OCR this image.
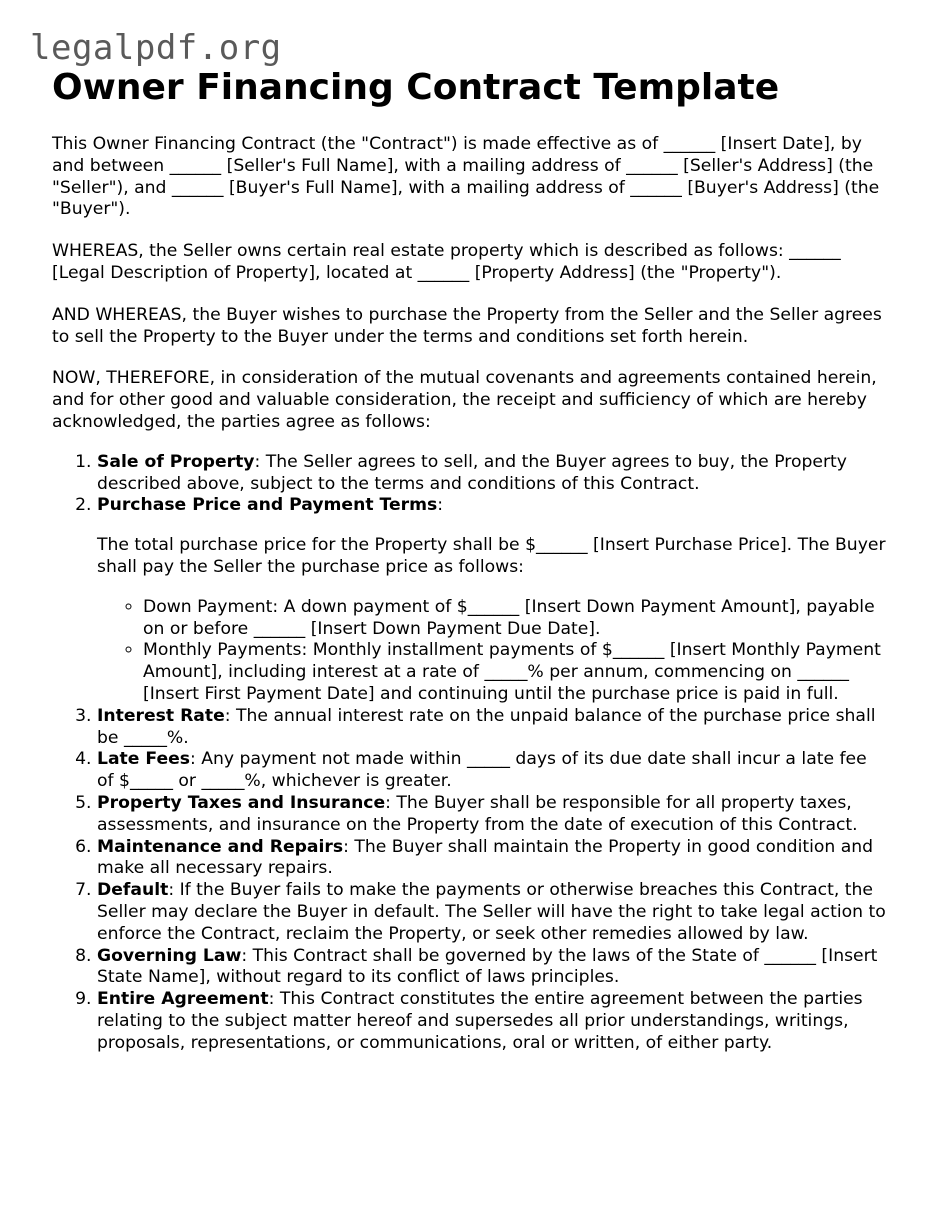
legalpdf.org
Owner Financing Contract Template

This Owner Financing Contract (the "Contract") is made effective as of ______ [Insert Date], by and between ______ [Seller's Full Name], with a mailing address of ______ [Seller's Address] (the "Seller"), and ______ [Buyer's Full Name], with a mailing address of ______ [Buyer's Address] (the "Buyer").

WHEREAS, the Seller owns certain real estate property which is described as follows: ______ [Legal Description of Property], located at ______ [Property Address] (the "Property").

AND WHEREAS, the Buyer wishes to purchase the Property from the Seller and the Seller agrees to sell the Property to the Buyer under the terms and conditions set forth herein.

NOW, THEREFORE, in consideration of the mutual covenants and agreements contained herein, and for other good and valuable consideration, the receipt and sufficiency of which are hereby acknowledged, the parties agree as follows:

1. Sale of Property: The Seller agrees to sell, and the Buyer agrees to buy, the Property described above, subject to the terms and conditions of this Contract.
2. Purchase Price and Payment Terms:

The total purchase price for the Property shall be $______ [Insert Purchase Price]. The Buyer shall pay the Seller the purchase price as follows:

◦ Down Payment: A down payment of $______ [Insert Down Payment Amount], payable on or before ______ [Insert Down Payment Due Date].
◦ Monthly Payments: Monthly installment payments of $______ [Insert Monthly Payment Amount], including interest at a rate of _____% per annum, commencing on ______ [Insert First Payment Date] and continuing until the purchase price is paid in full.
3. Interest Rate: The annual interest rate on the unpaid balance of the purchase price shall be _____%.
4. Late Fees: Any payment not made within _____ days of its due date shall incur a late fee of $_____ or _____%, whichever is greater.
5. Property Taxes and Insurance: The Buyer shall be responsible for all property taxes, assessments, and insurance on the Property from the date of execution of this Contract.
6. Maintenance and Repairs: The Buyer shall maintain the Property in good condition and make all necessary repairs.
7. Default: If the Buyer fails to make the payments or otherwise breaches this Contract, the Seller may declare the Buyer in default. The Seller will have the right to take legal action to enforce the Contract, reclaim the Property, or seek other remedies allowed by law.
8. Governing Law: This Contract shall be governed by the laws of the State of ______ [Insert State Name], without regard to its conflict of laws principles.
9. Entire Agreement: This Contract constitutes the entire agreement between the parties relating to the subject matter hereof and supersedes all prior understandings, writings, proposals, representations, or communications, oral or written, of either party.
